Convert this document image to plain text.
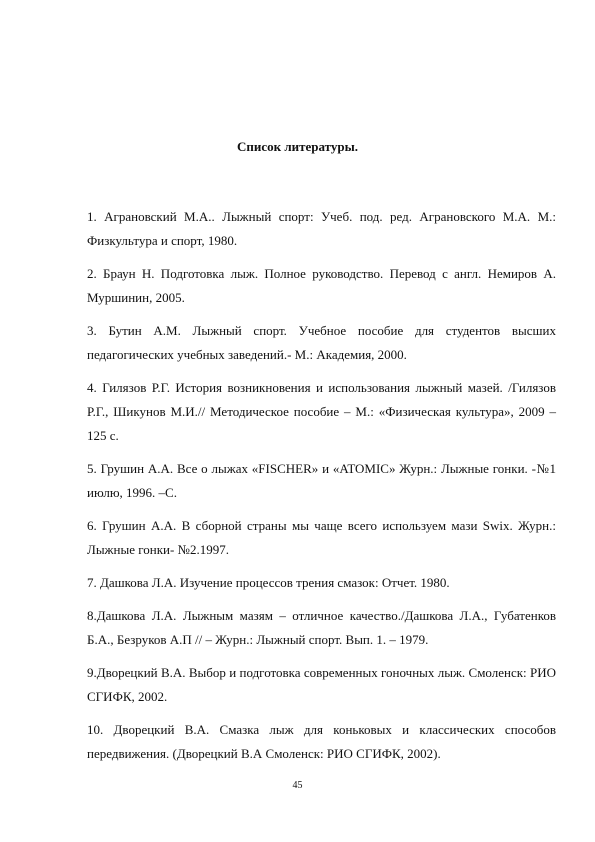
Список литературы.
1. Аграновский М.А.. Лыжный спорт: Учеб. под. ред. Аграновского М.А. М.: Физкультура и спорт, 1980.
2. Браун Н. Подготовка лыж. Полное руководство. Перевод с англ. Немиров А. Муршинин, 2005.
3. Бутин А.М. Лыжный спорт. Учебное пособие для студентов высших педагогических учебных заведений.- М.: Академия, 2000.
4. Гилязов Р.Г. История возникновения и использования лыжный мазей. /Гилязов Р.Г., Шикунов М.И.// Методическое пособие – М.: «Физическая культура», 2009 –125 с.
5. Грушин А.А. Все о лыжах «FISCHER» и «ATOMIC» Журн.: Лыжные гонки. -№1 июлю, 1996. –С.
6. Грушин А.А. В сборной страны мы чаще всего используем мази Swix. Журн.: Лыжные гонки- №2.1997.
7. Дашкова Л.А. Изучение процессов трения смазок: Отчет. 1980.
8.Дашкова Л.А. Лыжным мазям – отличное качество./Дашкова Л.А., Губатенков Б.А., Безруков А.П // – Журн.: Лыжный спорт. Вып. 1. – 1979.
9.Дворецкий В.А. Выбор и подготовка современных гоночных лыж. Смоленск: РИО СГИФК, 2002.
10. Дворецкий В.А. Смазка лыж для коньковых и классических способов передвижения. (Дворецкий В.А Смоленск: РИО СГИФК, 2002).
45
